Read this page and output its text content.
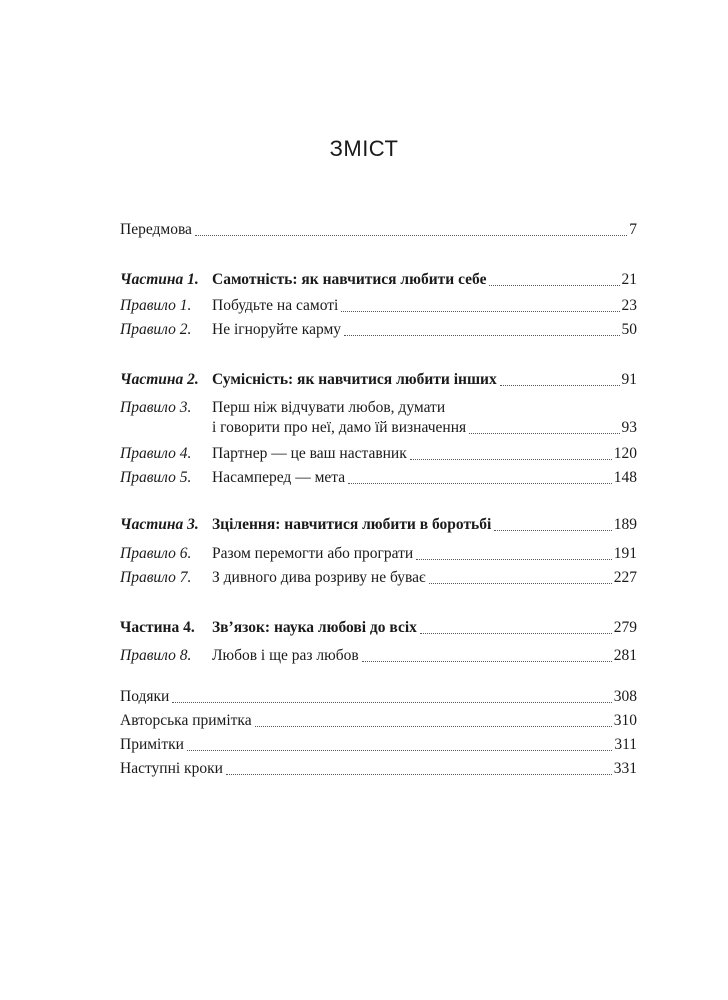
ЗМІСТ
Передмова	7
Частина 1. Самотність: як навчитися любити себе	21
Правило 1.	Побудьте на самоті	23
Правило 2.	Не ігноруйте карму	50
Частина 2. Сумісність: як навчитися любити інших	91
Правило 3. Перш ніж відчувати любов, думати
і говорити про неї, дамо їй визначення	93
Правило 4.	Партнер — це ваш наставник	120
Правило 5.	Насамперед — мета	148
Частина 3. Зцілення: навчитися любити в боротьбі	189
Правило 6.	Разом перемогти або програти	191
Правило 7.	З дивного дива розриву не буває	227
Частина 4.	Зв’язок: наука любові до всіх	279
Правило 8.	Любов і ще раз любов	281
Подяки	308
Авторська примітка	310
Примітки	311
Наступні кроки	331
